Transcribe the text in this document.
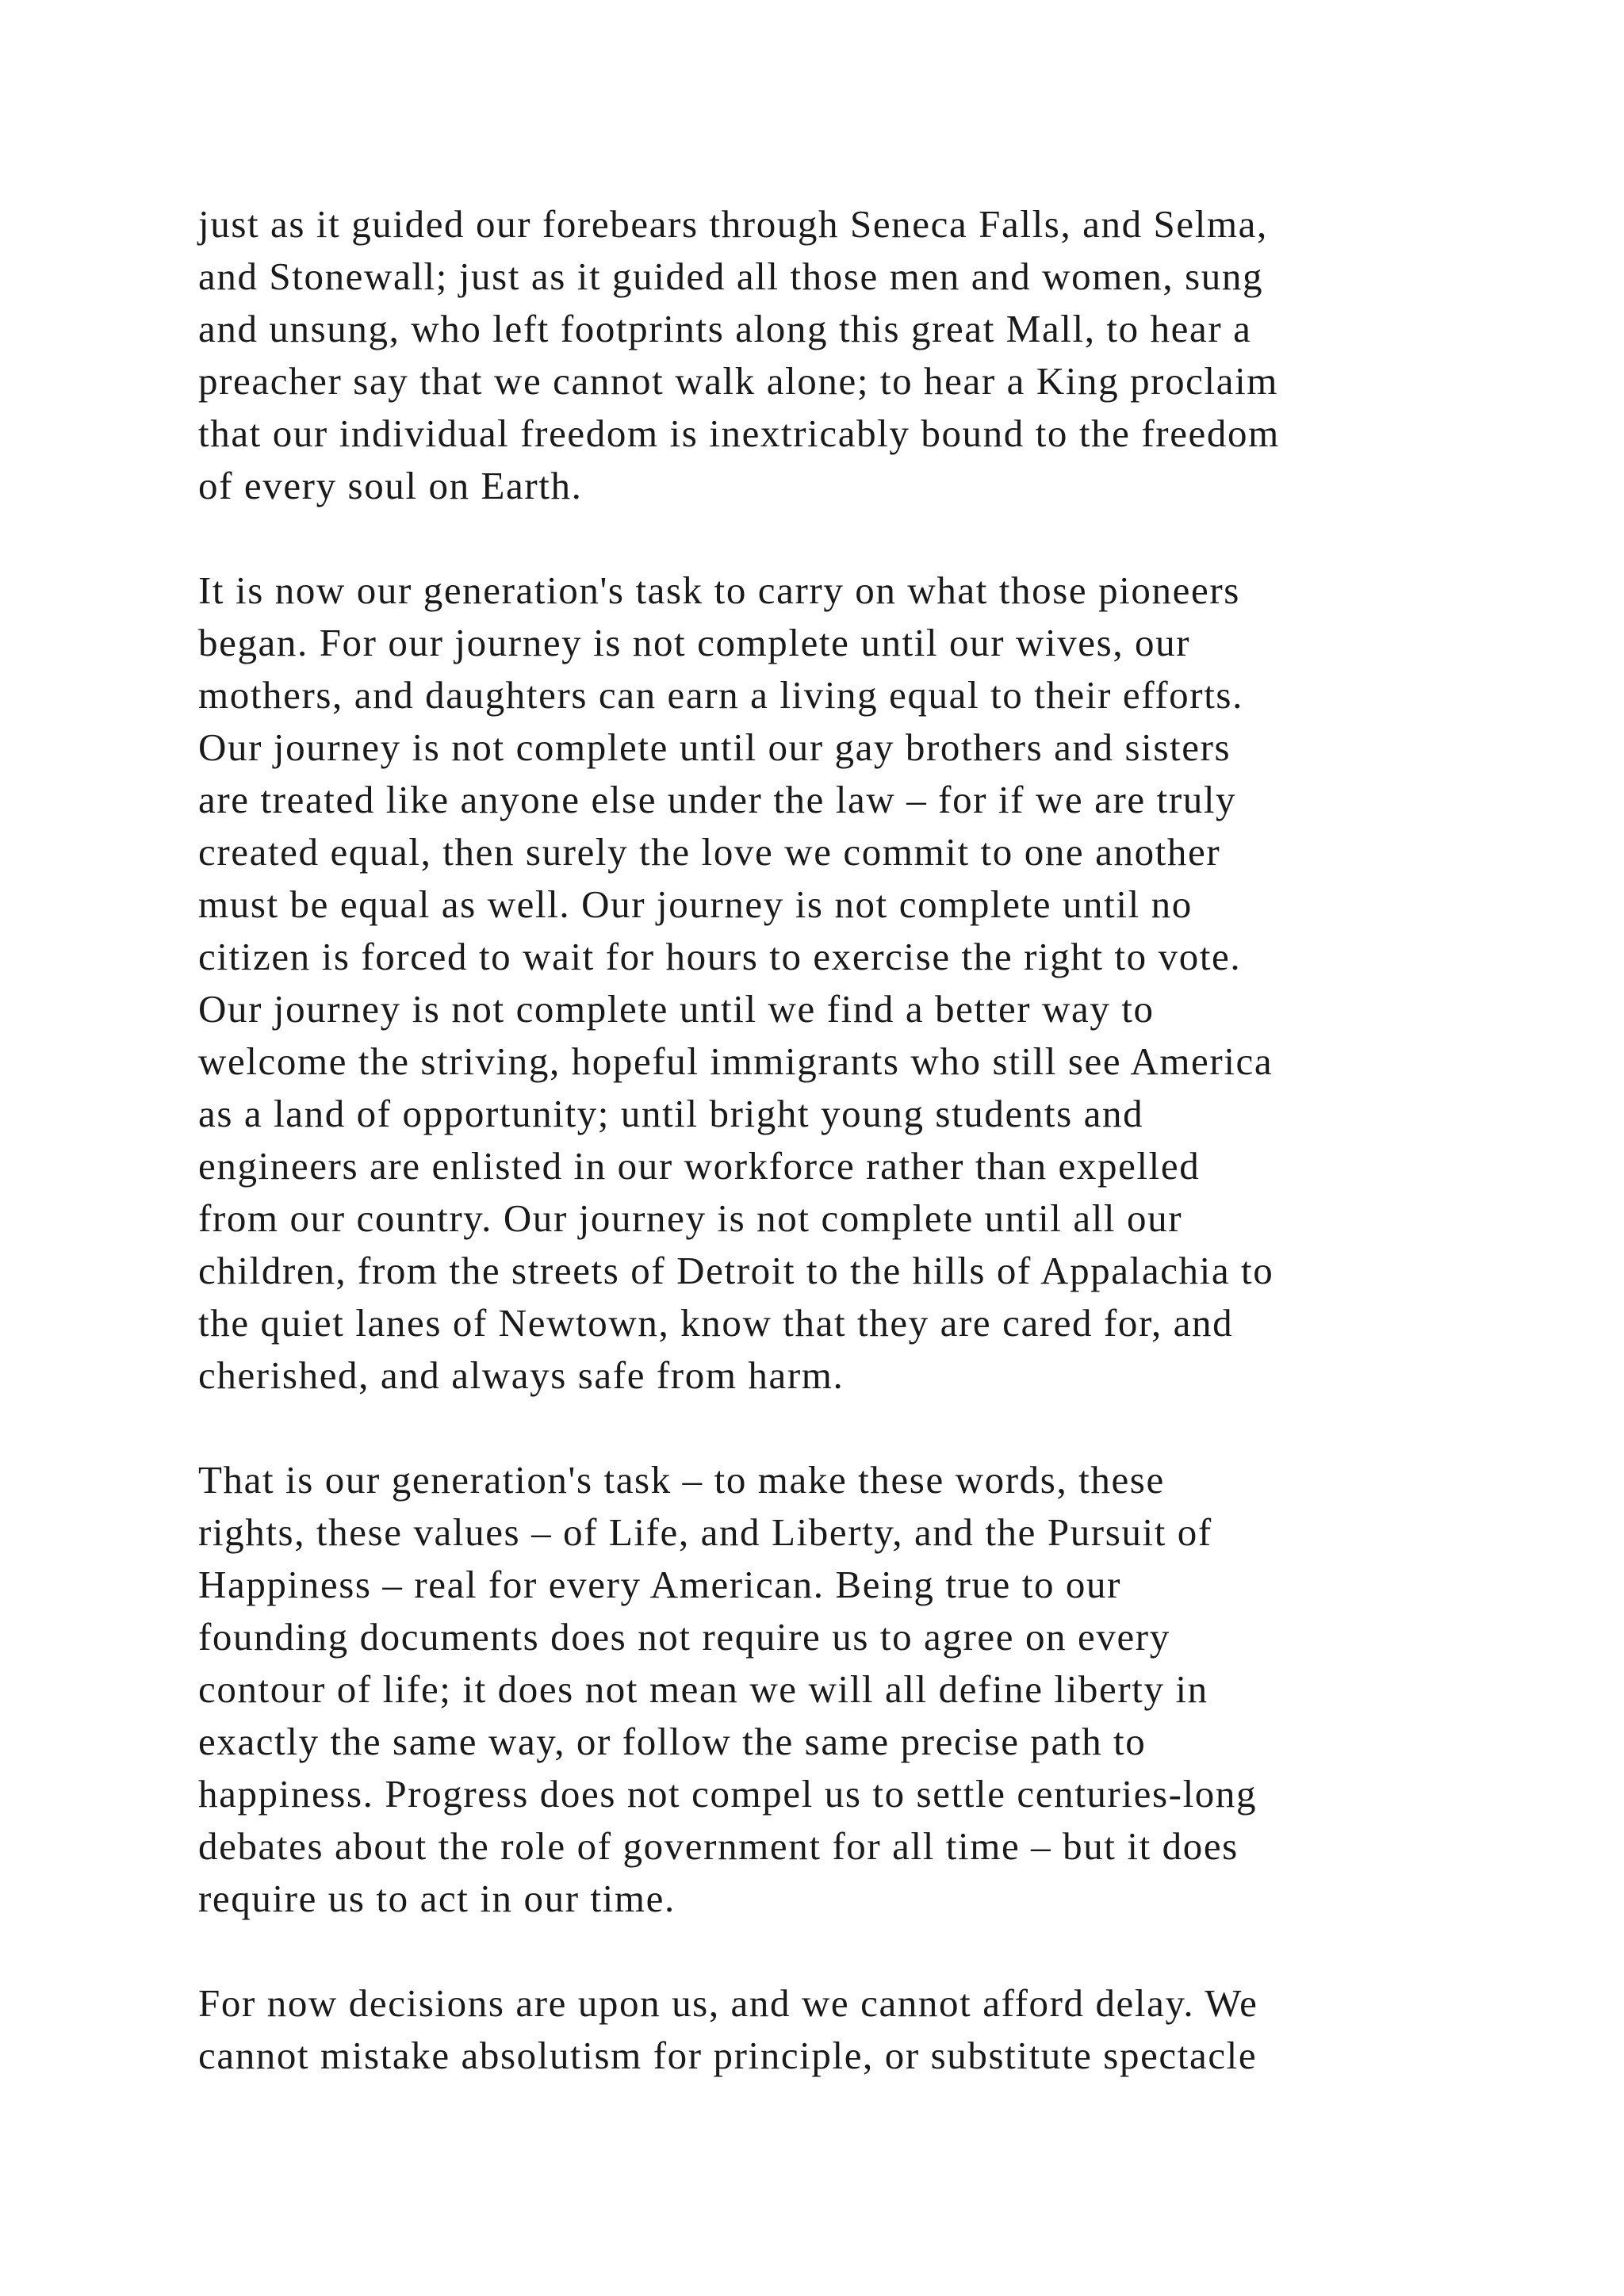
just as it guided our forebears through Seneca Falls, and Selma,
and Stonewall; just as it guided all those men and women, sung
and unsung, who left footprints along this great Mall, to hear a
preacher say that we cannot walk alone; to hear a King proclaim
that our individual freedom is inextricably bound to the freedom
of every soul on Earth.
It is now our generation's task to carry on what those pioneers
began. For our journey is not complete until our wives, our
mothers, and daughters can earn a living equal to their efforts.
Our journey is not complete until our gay brothers and sisters
are treated like anyone else under the law – for if we are truly
created equal, then surely the love we commit to one another
must be equal as well. Our journey is not complete until no
citizen is forced to wait for hours to exercise the right to vote.
Our journey is not complete until we find a better way to
welcome the striving, hopeful immigrants who still see America
as a land of opportunity; until bright young students and
engineers are enlisted in our workforce rather than expelled
from our country. Our journey is not complete until all our
children, from the streets of Detroit to the hills of Appalachia to
the quiet lanes of Newtown, know that they are cared for, and
cherished, and always safe from harm.
That is our generation's task – to make these words, these
rights, these values – of Life, and Liberty, and the Pursuit of
Happiness – real for every American. Being true to our
founding documents does not require us to agree on every
contour of life; it does not mean we will all define liberty in
exactly the same way, or follow the same precise path to
happiness. Progress does not compel us to settle centuries-long
debates about the role of government for all time – but it does
require us to act in our time.
For now decisions are upon us, and we cannot afford delay. We
cannot mistake absolutism for principle, or substitute spectacle
